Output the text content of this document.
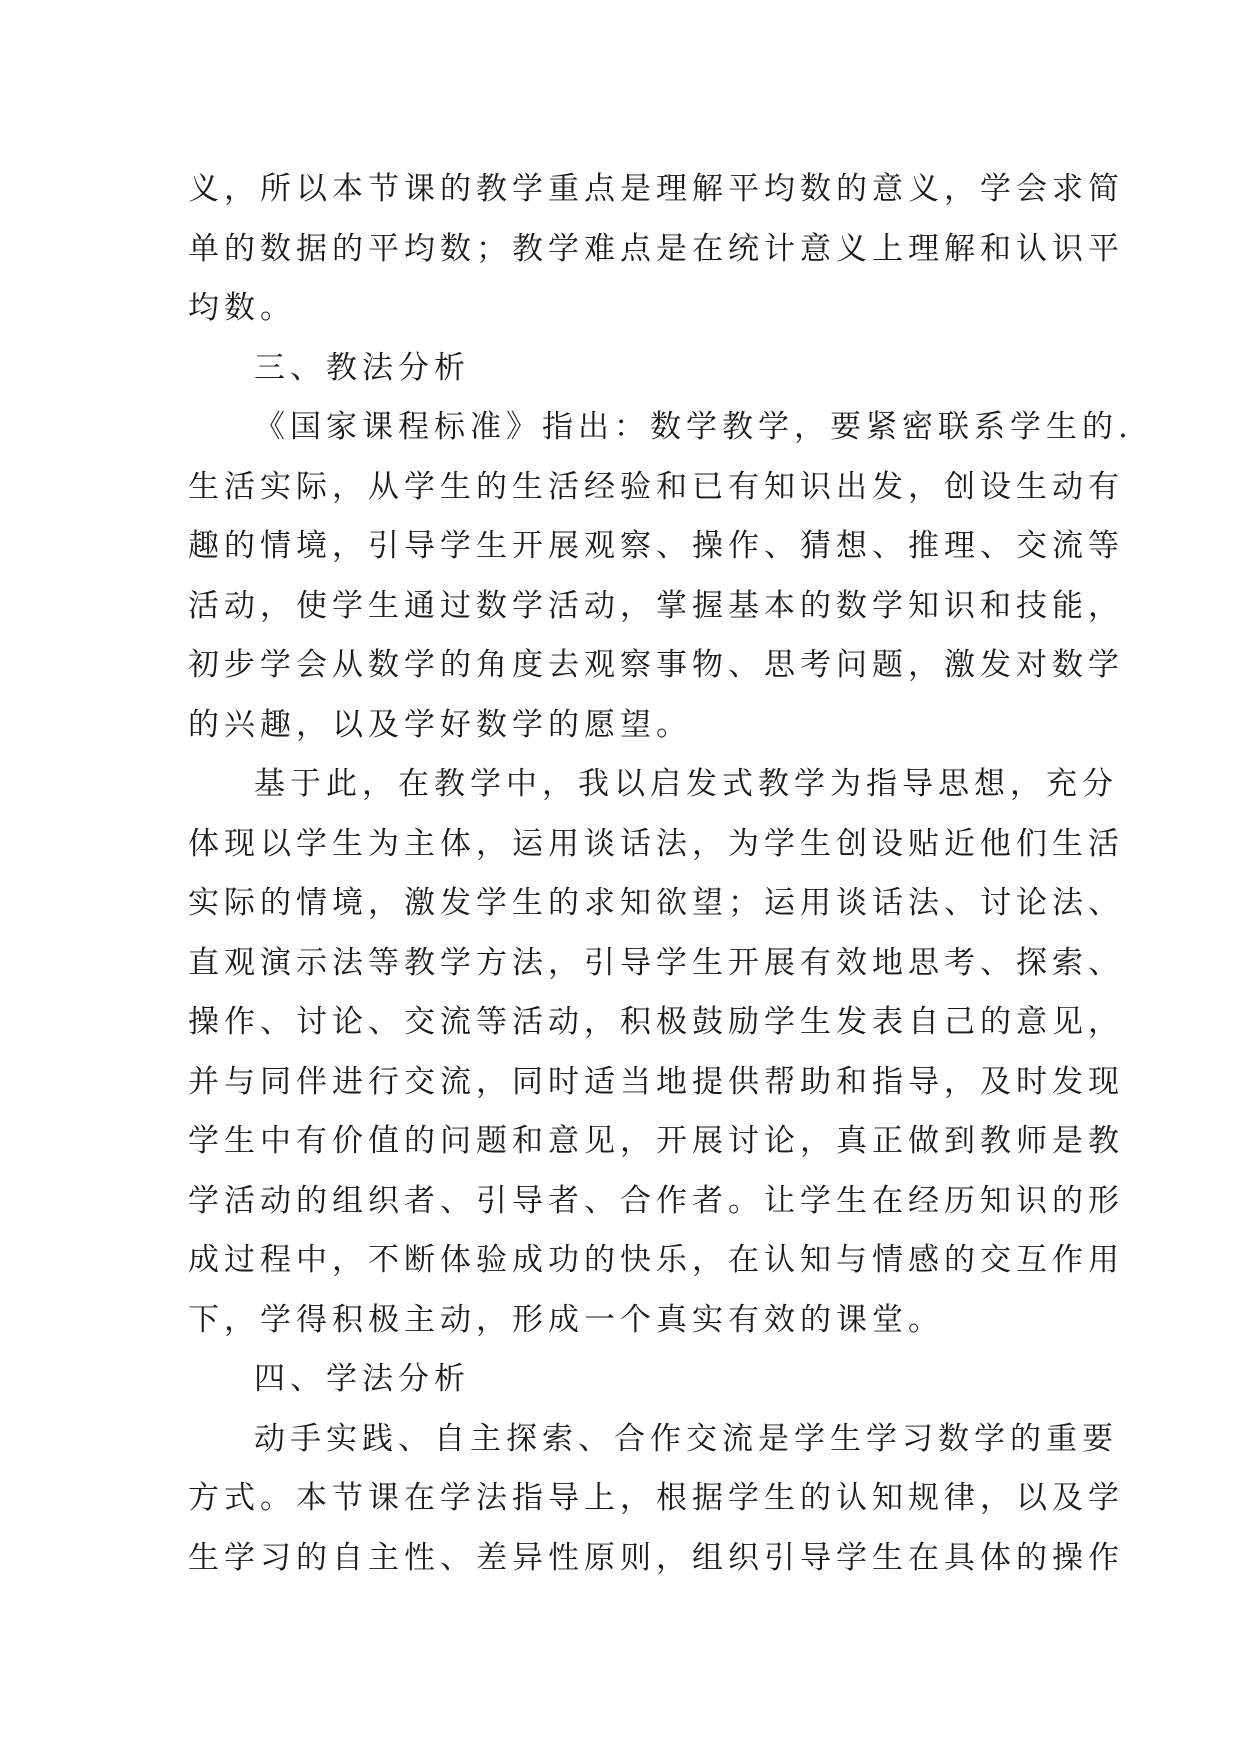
义，所以本节课的教学重点是理解平均数的意义，学会求简
单的数据的平均数；教学难点是在统计意义上理解和认识平
均数。
三、教法分析
《国家课程标准》指出：数学教学，要紧密联系学生的.
生活实际，从学生的生活经验和已有知识出发，创设生动有
趣的情境，引导学生开展观察、操作、猜想、推理、交流等
活动，使学生通过数学活动，掌握基本的数学知识和技能，
初步学会从数学的角度去观察事物、思考问题，激发对数学
的兴趣，以及学好数学的愿望。
基于此，在教学中，我以启发式教学为指导思想，充分
体现以学生为主体，运用谈话法，为学生创设贴近他们生活
实际的情境，激发学生的求知欲望；运用谈话法、讨论法、
直观演示法等教学方法，引导学生开展有效地思考、探索、
操作、讨论、交流等活动，积极鼓励学生发表自己的意见，
并与同伴进行交流，同时适当地提供帮助和指导，及时发现
学生中有价值的问题和意见，开展讨论，真正做到教师是教
学活动的组织者、引导者、合作者。让学生在经历知识的形
成过程中，不断体验成功的快乐，在认知与情感的交互作用
下，学得积极主动，形成一个真实有效的课堂。
四、学法分析
动手实践、自主探索、合作交流是学生学习数学的重要
方式。本节课在学法指导上，根据学生的认知规律，以及学
生学习的自主性、差异性原则，组织引导学生在具体的操作
